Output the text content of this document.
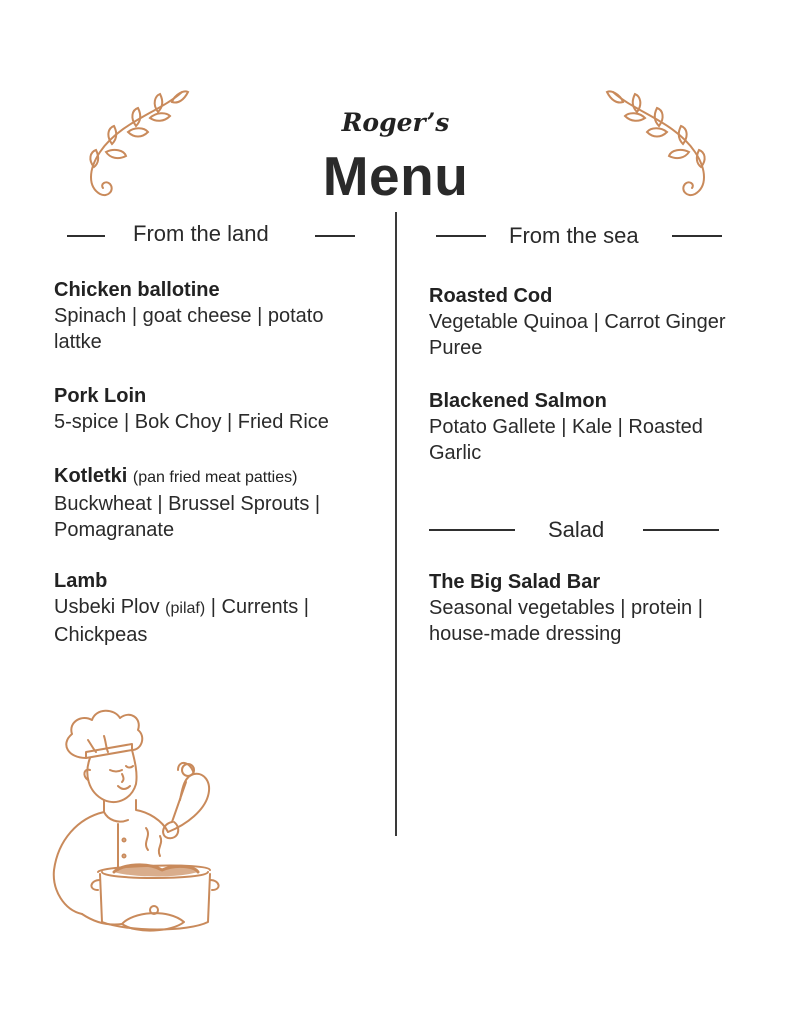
Roger’s
Menu
From the land
Chicken ballotine
Spinach | goat cheese | potato lattke
Pork Loin
5-spice | Bok Choy | Fried Rice
Kotletki (pan fried meat patties)
Buckwheat | Brussel Sprouts | Pomagranate
Lamb
Usbeki Plov (pilaf) | Currents | Chickpeas
From the sea
Roasted Cod
Vegetable Quinoa | Carrot Ginger Puree
Blackened Salmon
Potato Gallete | Kale | Roasted Garlic
Salad
The Big Salad Bar
Seasonal vegetables | protein | house-made dressing
